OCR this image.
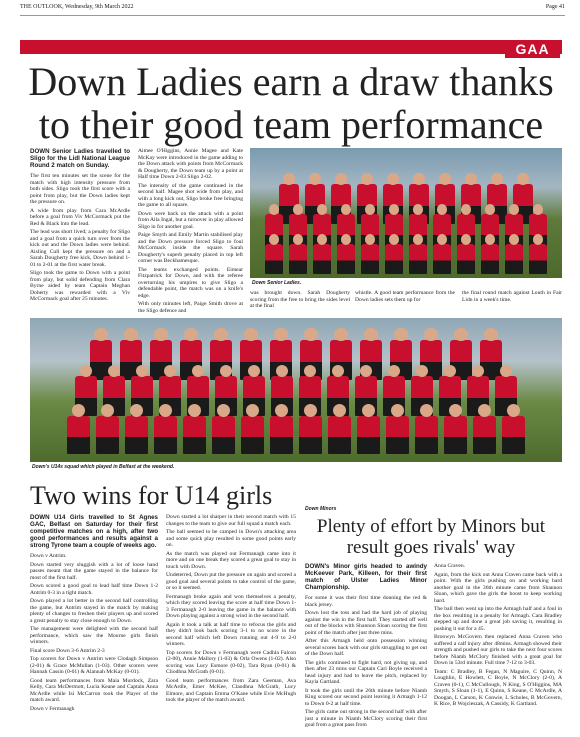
THE OUTLOOK, Wednesday, 9th March 2022	Page 41
GAA
Down Ladies earn a draw thanks to their good team performance
DOWN Senior Ladies travelled to Sligo for the Lidl National League Round 2 match on Sunday.

The first ten minutes set the scene for the match with high intensity pressure from both sides. Sligo took the first score with a point from play, but the Down ladies kept the pressure on.

A wide from play from Cara McArdle before a goal from Viv McCormack put the Red & Black into the lead.

The lead was short lived; a penalty for Sligo and a goal from a quick turn over from the kick out and the Down ladies were behind. Aisling Cull kept the pressure on and a Sarah Dougherty free kick, Down behind 1-01 to 2-01 at the first water break.

Sligo took the game to Down with a point from play, but solid defending from Clara Byrne aided by team Captain Meghan Doherty was rewarded with a Viv McCormack goal after 25 minutes.

Aimee O'Higgins, Annie Magee and Kate McKay were introduced in the game adding to the Down attack with points from McCormack & Dougherty, the Down team up by a point at Half time Down 2-03 Sligo 2-02.

The intensity of the game continued in the second half. Magee shot wide from play, and with a long kick out, Sligo broke free bringing the game to all square.

Down were back on the attack with a point from Aila Ingal, but a turnover in play allowed Sligo in for another goal.

Paige Smyth and Emily Martin stabilised play and the Down pressure forced Sligo to foul McCormack inside the square. Sarah Dougherty's superb penalty placed in top left corner was Beckhamesque.

The teams exchanged points. Eimear Fitzpatrick for Down, and with the referee overturning his umpires to give Sligo a defendable point, the match was on a knife's edge.

With only minutes left, Paige Smith drove at the Sligo defence and

Down Senior Ladies.
was brought down. Sarah Dougherty scoring from the free to bring the sides level at the final
whistle. A good team performance from the Down ladies sets them up for
the final round match against Louth in Fair Lidn in a week's time.
Down's U14s squad which played in Belfast at the weekend.
Two wins for U14 girls
DOWN U14 Girls travelled to St Agnes GAC, Belfast on Saturday for their first competitive matches on a high, after two good performances and results against a strong Tyrone team a couple of weeks ago.

Down v Antrim.

Down started very sluggish with a lot of loose hand passes meant that the game stayed in the balance for most of the first half.

Down scored a good goal to lead half time Down 1-2 Antrim 0-3 in a tight match.

Down played a lot better in the second half controlling the game, but Antrim stayed in the match by making plenty of changes to freshen their players up and scored a great penalty to stay close enough to Down.

The management were delighted with the second half performance, which saw the Mourne girls finish winners.

Final score Down 3-6 Antrim 2-3

Top scorers for Down v Antrim were Clodagh Simpson (2-01) & Grace McMullan (1-03). Other scorers were Hannah Cassin (0-01) & Alannah McKay (0-01).

Good team performances from Maia Murdock, Zara Kelly, Cara McDermott, Lucia Keane and Captain Anna McArdle while Isi McCarron took the Player of the match award.

Down v Fermanagh

Down started a lot sharper in their second match with 15 changes to the team to give our full squad a match each.

The ball seemed to be camped in Down's attacking area and some quick play resulted in some good points early on.

As the match was played out Fermanagh came into it more and on one break they scored a great goal to stay in touch with Down.

Undeterred, Down put the pressure on again and scored a good goal and several points to take control of the game, or so it seemed.

Fermanagh broke again and won themselves a penalty, which they scored leaving the score at half time Down 1-3 Fermanagh 2-0 leaving the game in the balance with Down playing against a strong wind in the second half.

Again it took a talk at half time to refocus the girls and they didn't look back scoring 3-1 to no score in the second half which left Down running out 4-9 to 2-0 winners.

Top scorers for Down v Fermanagh were Cadhla Falcon (2-00), Annie Mallory (1-03) & Orla Owens (1-02). Also scoring was Lucy Esmore (0-02), Tara Ryan (0-01) & Cliodhna McGrath (0-01).

Good team performances from Zara Geeman, Ava McArdle, Emer McKee, Claodhna McGrath, Lucy Elmore, and Captain Emma O'Kane while Evie McHugh took the player of the match award.

Down Minors
Plenty of effort by Minors but result goes rivals' way
DOWN's Minor girls headed to awindy McKeever Park, Killeen, for their first match of Ulster Ladies Minor Championship.

For some it was their first time donning the red & black jersey.

Down lost the toss and had the hard job of playing against the win in the first half. They started off well out of the blocks with Shannon Sloan scoring the first point of the match after just three mins.

After this Armagh held onto possession winning several scores back with our girls struggling to get out of the Down half.

The girls continued to fight hard, not giving up, and then after 23 mins our Captain Cari Boyle received a head injury and had to leave the pitch, replaced by Kayla Gartland.

It took the girls until the 26th minute before Niamh King scored our second point leaving it Armagh 1-12 to Down 0-2 at half time.

The girls came out strong in the second half with after just a minute in Niamh McClory scoring their first goal from a great pass from

Anna Craven.

Again, from the kick out Anna Craven came back with a point. With the girls pushing on and working hard another goal in the 36th minute came from Shannon Sloan, which gave the girls the boost to keep working hard.

The ball then went up into the Armagh half and a foul in the box resulting in a penalty for Armagh. Cara Bradley stepped up and done a great job saving it, resulting in pushing it out for a 45.

Bronwyn McGovern then replaced Anna Craven who suffered a calf injury after 48mins. Armagh showed their strength and pushed our girls to take the next four scores before Niamh McClory finished with a great goal for Down in 53rd minute. Full time 7-12 to 3-03.

Team: C Bradley, B Fegan, N Maguire, C Quinn, N Loughlin, E Howlett, C Boyle, N McClory (2-0), A Craven (0-1), C McCullough, N King, S O'Higgins, MA Smyth, S Sloan (1-1), E Quinn, S Keane, C McArdle, A Doogan, L Carson, K Conwie, L Scholes, B McGovern, K Rice, B Wojcieszak, A Cassidy, K Gartland.
